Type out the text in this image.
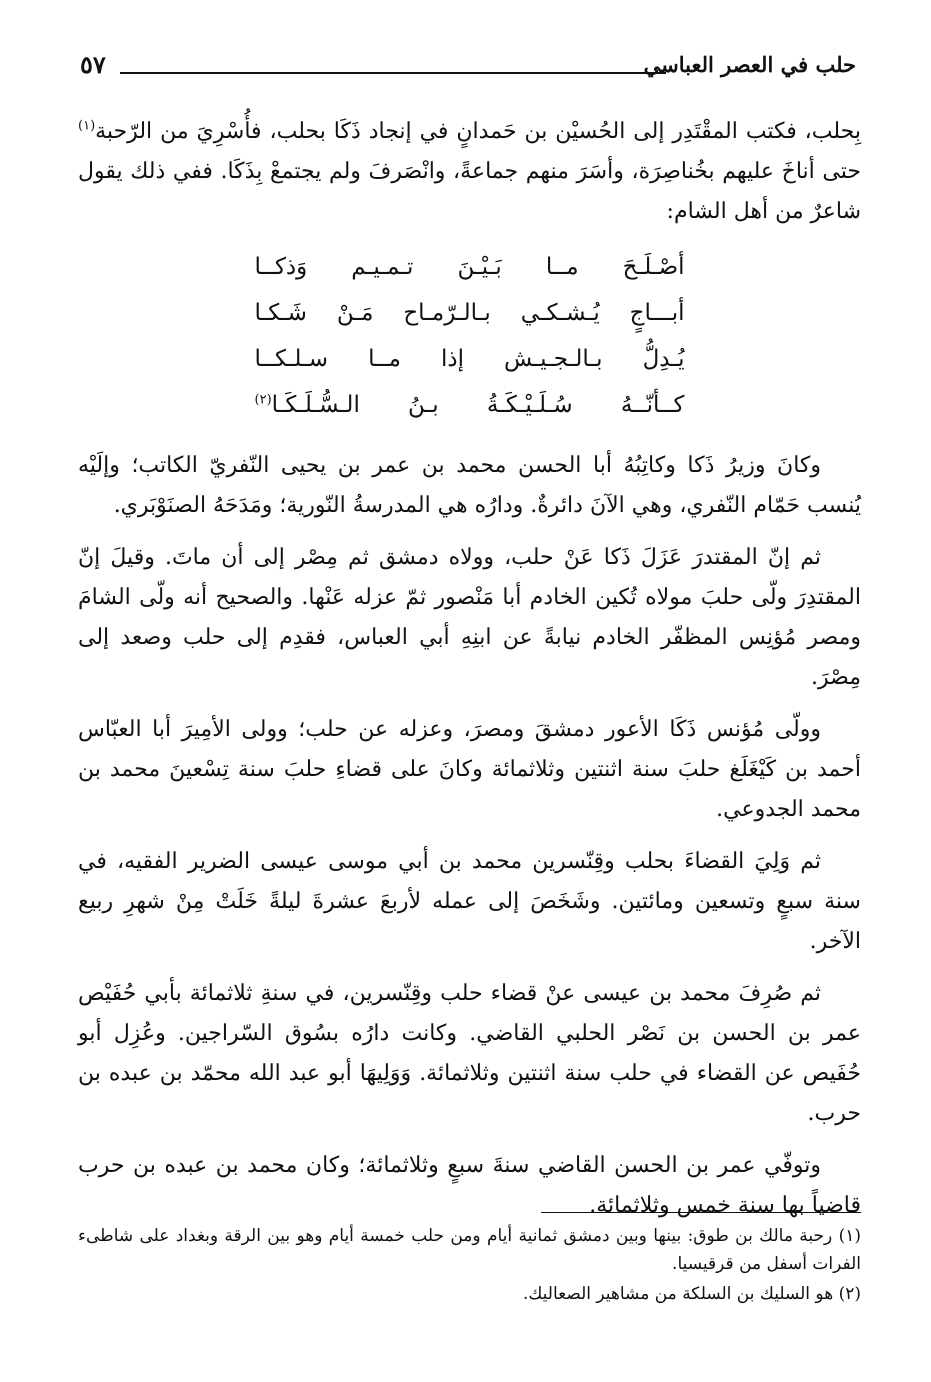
حلب في العصر العباسي
٥٧

بِحلب، فكتب المقْتَدِر إلى الحُسيْن بن حَمدانٍ في إنجاد ذَكَا بحلب، فأُسْرِيَ من الرّحبة$^{(١)}$ حتى أناخَ عليهم بخُناصِرَة، وأسَرَ منهم جماعةً، وانْصَرفَ ولم يجتمعْ بِذَكَا. ففي ذلك يقول شاعرٌ من أهل الشام:

أصْـلَـحَ مــا بَـيْـنَ تـمـيـم وَذكــا
أبـــاجٍ يُـشـكـي بـالـرّمـاح مَـنْ شَـكـا
يُـدِلُّ بـالـجـيـش إذا مــا سـلـكــا
كــأنّــهُ سُـلَـيْـكَـةُ بـنُ الـسُّـلَـكَـا$^{(٢)}$

وكانَ وزيرُ ذَكا وكاتِبُهُ أبا الحسن محمد بن عمر بن يحيى النّفريّ الكاتب؛ وإلَيْه يُنسب حَمّام النّفري، وهي الآنَ دائرةٌ. ودارُه هي المدرسةُ النّورية؛ ومَدَحَهُ الصنَوْبَري.

ثم إنّ المقتدرَ عَزَلَ ذَكا عَنْ حلب، وولاه دمشق ثم مِصْر إلى أن ماتَ. وقيلَ إنّ المقتدِرَ ولّى حلبَ مولاه تُكين الخادم أبا مَنْصور ثمّ عزله عَنْها. والصحيح أنه ولّى الشامَ ومصر مُؤنِس المظفّر الخادم نيابةً عن ابنِهِ أبي العباس، فقدِم إلى حلب وصعد إلى مِصْرَ.

وولّى مُؤنس ذَكَا الأعور دمشقَ ومصرَ، وعزله عن حلب؛ وولى الأمِيرَ أبا العبّاس أحمد بن كَيْغَلَغ حلبَ سنة اثنتين وثلاثمائة وكانَ على قضاءِ حلبَ سنة تِسْعينَ محمد بن محمد الجدوعي.

ثم وَلِيَ القضاءَ بحلب وقِنّسرين محمد بن أبي موسى عيسى الضرير الفقيه، في سنة سبعٍ وتسعين ومائتين. وشَخَصَ إلى عمله لأربعَ عشرةَ ليلةً خَلَتْ مِنْ شهرِ ربيع الآخر.

ثم صُرِفَ محمد بن عيسى عنْ قضاء حلب وقِنّسرين، في سنةِ ثلاثمائة بأبي حُفَيْص عمر بن الحسن بن نَصْر الحلبي القاضي. وكانت دارُه بسُوق السّراجين. وعُزِل أبو حُفَيص عن القضاء في حلب سنة اثنتين وثلاثمائة. وَوَلِيهَا أبو عبد الله محمّد بن عبده بن حرب.

وتوفّي عمر بن الحسن القاضي سنةَ سبعٍ وثلاثمائة؛ وكان محمد بن عبده بن حرب قاضياً بها سنة خمس وثلاثمائة.

(١) رحبة مالك بن طوق: بينها وبين دمشق ثمانية أيام ومن حلب خمسة أيام وهو بين الرقة وبغداد على شاطىء الفرات أسفل من قرقيسيا.

(٢) هو السليك بن السلكة من مشاهير الصعاليك.
